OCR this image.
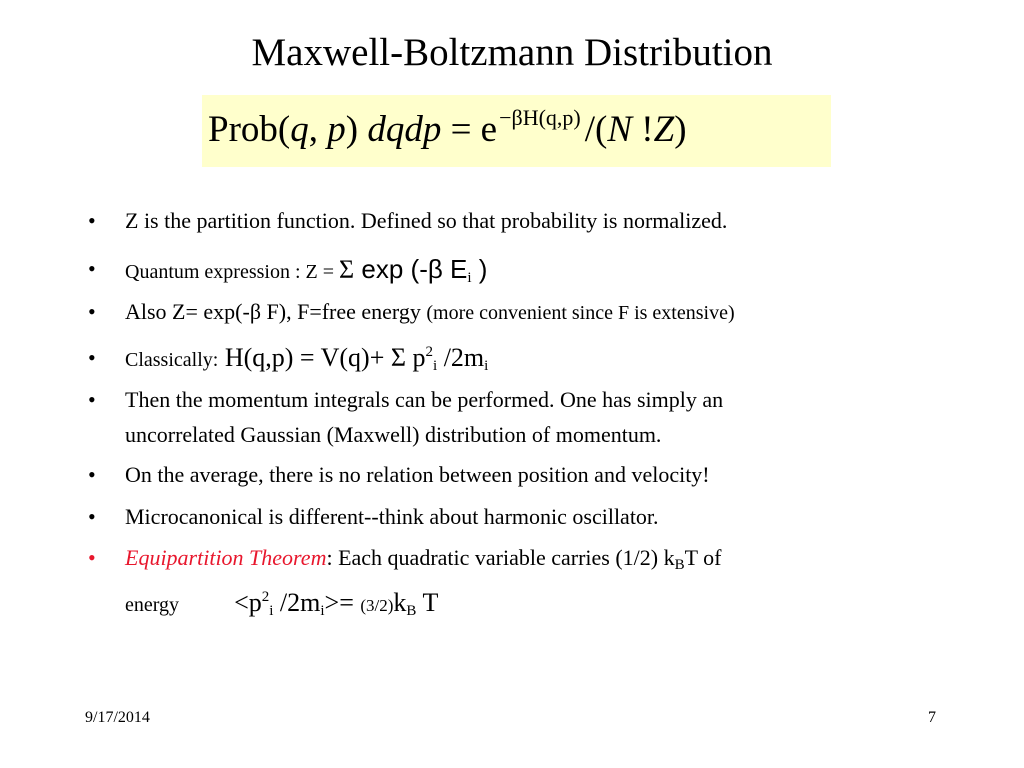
Maxwell-Boltzmann Distribution
Prob(q, p) dqdp = $e^{-\beta H(q,p)}$ /(N !Z)
•	Z is the partition function. Defined so that probability is normalized.
•	Quantum expression : Z = Σ exp (-β $E_i$ )
•	Also Z= exp(-β F), F=free energy (more convenient since F is extensive)
•	Classically: H(q,p) = V(q)+ Σ $p^2_i$ $/2m_i$
•	Then the momentum integrals can be performed. One has simply an
uncorrelated Gaussian (Maxwell) distribution of momentum.
•	On the average, there is no relation between position and velocity!
•	Microcanonical is different--think about harmonic oscillator.
•	Equipartition Theorem: Each quadratic variable carries (1/2) $k_BT$ of
energy $<p^2_i$ $/2m_i>= (3/2)k_B$ T
9/17/2014	7
